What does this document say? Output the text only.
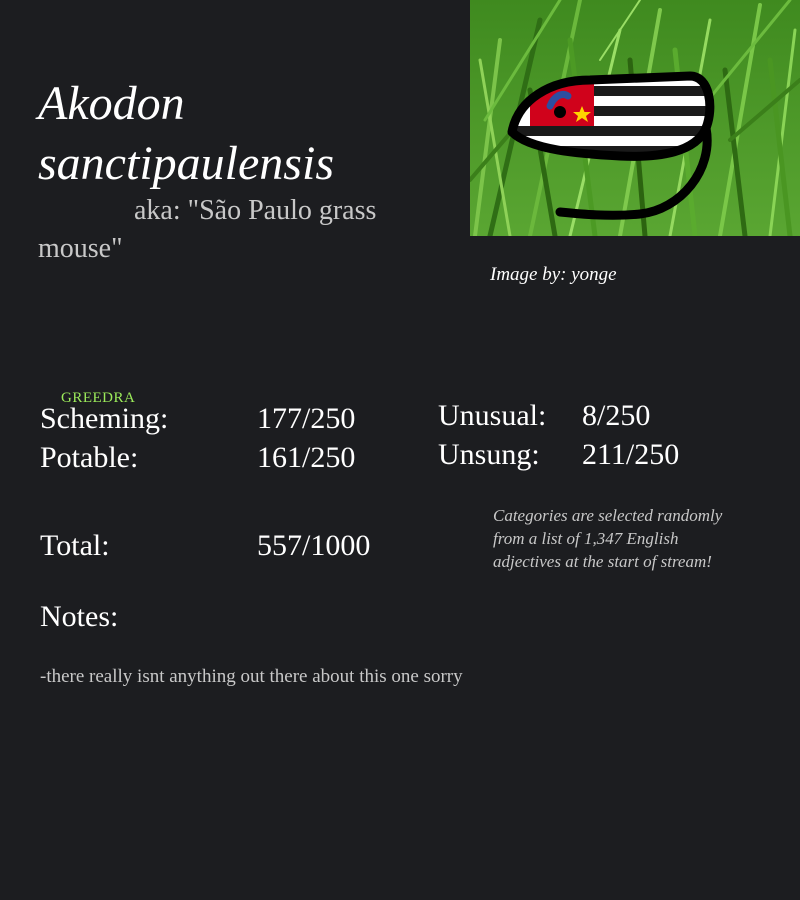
Akodon sanctipaulensis
aka: "São Paulo grass mouse"
Image by: yonge
GREEDRA
Scheming:	177/250
Potable:	161/250
Unusual: 8/250
Unsung: 211/250
Total:	557/1000
Categories are selected randomly from a list of 1,347 English adjectives at the start of stream!
Notes:
-there really isnt anything out there about this one sorry
